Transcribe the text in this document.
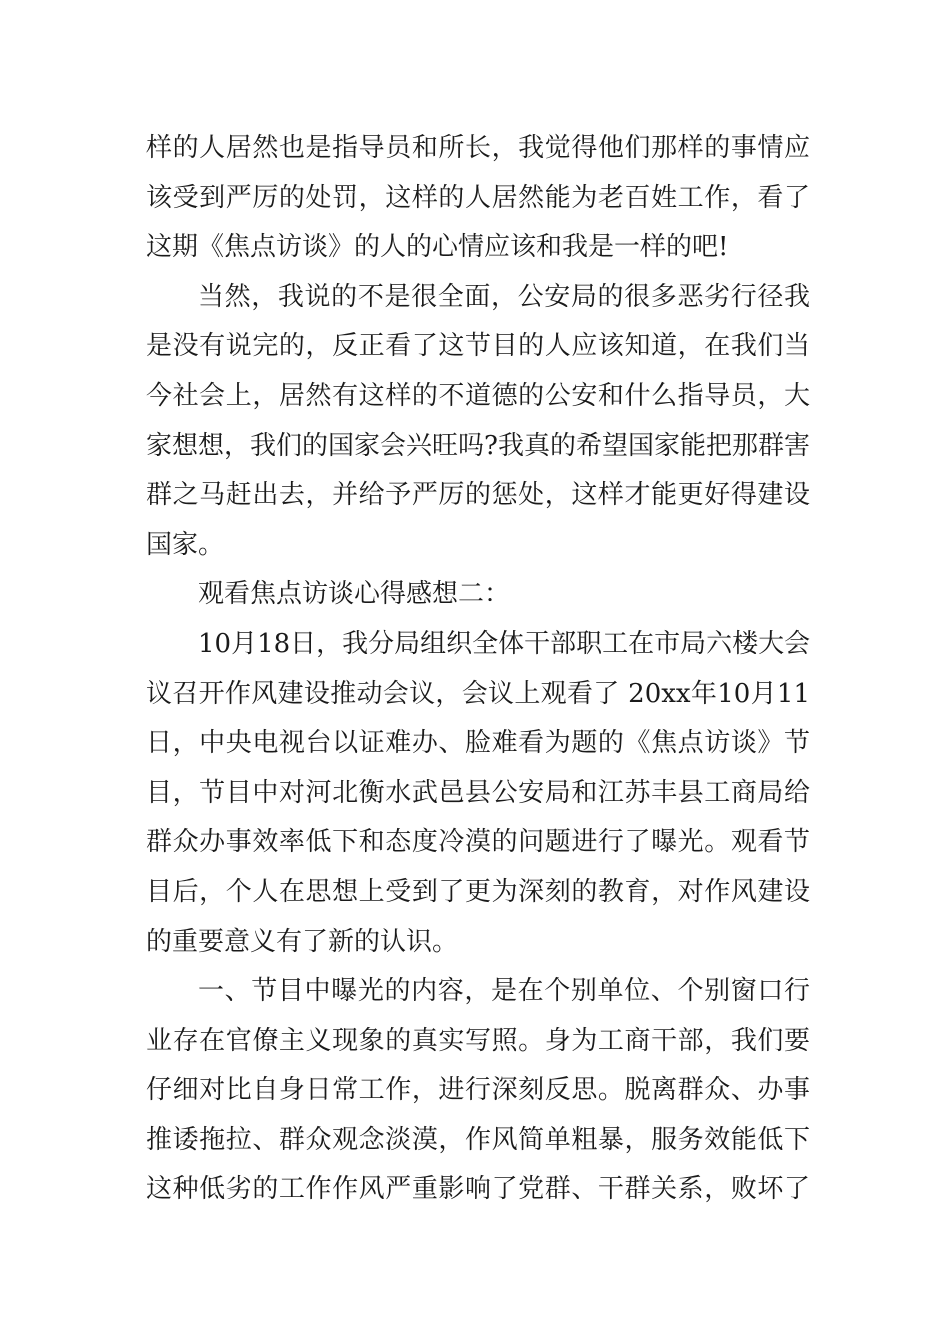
样的人居然也是指导员和所长，我觉得他们那样的事情应
该受到严厉的处罚，这样的人居然能为老百姓工作，看了
这期《焦点访谈》的人的心情应该和我是一样的吧!
当然，我说的不是很全面，公安局的很多恶劣行径我
是没有说完的，反正看了这节目的人应该知道，在我们当
今社会上，居然有这样的不道德的公安和什么指导员，大
家想想，我们的国家会兴旺吗?我真的希望国家能把那群害
群之马赶出去，并给予严厉的惩处，这样才能更好得建设
国家。
观看焦点访谈心得感想二：
10月18日，我分局组织全体干部职工在市局六楼大会
议召开作风建设推动会议，会议上观看了 20xx年10月11
日，中央电视台以证难办、脸难看为题的《焦点访谈》节
目，节目中对河北衡水武邑县公安局和江苏丰县工商局给
群众办事效率低下和态度冷漠的问题进行了曝光。观看节
目后，个人在思想上受到了更为深刻的教育，对作风建设
的重要意义有了新的认识。
一、节目中曝光的内容，是在个别单位、个别窗口行
业存在官僚主义现象的真实写照。身为工商干部，我们要
仔细对比自身日常工作，进行深刻反思。脱离群众、办事
推诿拖拉、群众观念淡漠，作风简单粗暴，服务效能低下
这种低劣的工作作风严重影响了党群、干群关系，败坏了
